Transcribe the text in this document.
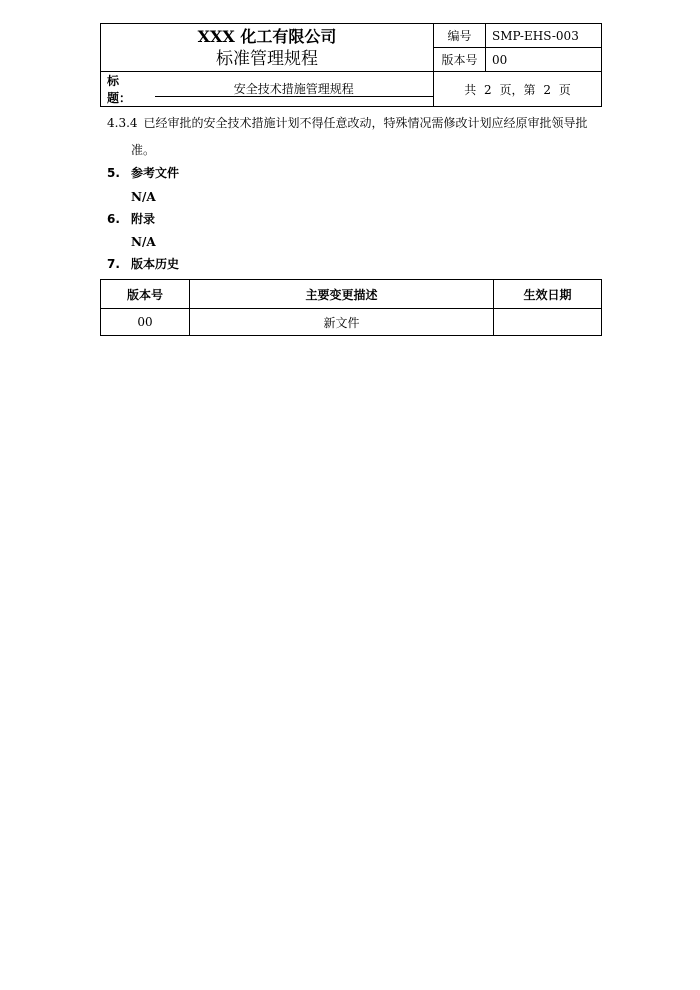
XXX 化工有限公司
标准管理规程	编号	SMP-EHS-003
	版本号	00

标题：
安全技术措施管理规程	共 2 页，第 2 页	
4.3.4 已经审批的安全技术措施计划不得任意改动，特殊情况需修改计划应经原审批领导批
准。
5. 参考文件
N/A
6. 附录
N/A
7. 版本历史
版本号	主要变更描述	生效日期
00	新文件	
